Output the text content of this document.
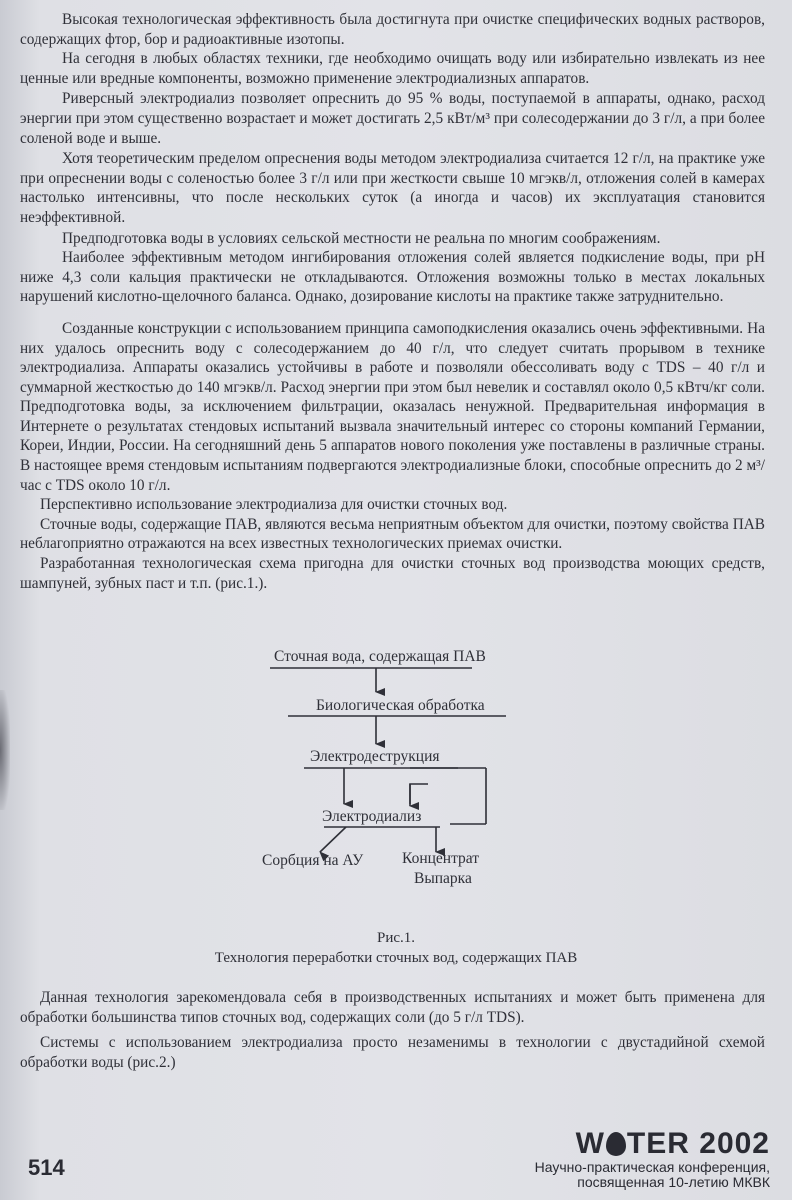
Высокая технологическая эффективность была достигнута при очистке специфических водных растворов, содержащих фтор, бор и радиоактивные изотопы.

На сегодня в любых областях техники, где необходимо очищать воду или избирательно извлекать из нее ценные или вредные компоненты, возможно применение электродиализных аппаратов.

Риверсный электродиализ позволяет опреснить до 95 % воды, поступаемой в аппараты, однако, расход энергии при этом существенно возрастает и может достигать 2,5 кВт/м³ при солесодержании до 3 г/л, а при более соленой воде и выше.

Хотя теоретическим пределом опреснения воды методом электродиализа считается 12 г/л, на практике уже при опреснении воды с соленостью более 3 г/л или при жесткости свыше 10 мгэкв/л, отложения солей в камерах настолько интенсивны, что после нескольких суток (а иногда и часов) их эксплуатация становится неэффективной.

Предподготовка воды в условиях сельской местности не реальна по многим соображениям.

Наиболее эффективным методом ингибирования отложения солей является подкисление воды, при pH ниже 4,3 соли кальция практически не откладываются. Отложения возможны только в местах локальных нарушений кислотно-щелочного баланса. Однако, дозирование кислоты на практике также затруднительно.

Созданные конструкции с использованием принципа самоподкисления оказались очень эффективными. На них удалось опреснить воду с солесодержанием до 40 г/л, что следует считать прорывом в технике электродиализа. Аппараты оказались устойчивы в работе и позволяли обессоливать воду с TDS – 40 г/л и суммарной жесткостью до 140 мгэкв/л. Расход энергии при этом был невелик и составлял около 0,5 кВтч/кг соли. Предподготовка воды, за исключением фильтрации, оказалась ненужной. Предварительная информация в Интернете о результатах стендовых испытаний вызвала значительный интерес со стороны компаний Германии, Кореи, Индии, России. На сегодняшний день 5 аппаратов нового поколения уже поставлены в различные страны. В настоящее время стендовым испытаниям подвергаются электродиализные блоки, способные опреснить до 2 м³/час с TDS около 10 г/л.

Перспективно использование электродиализа для очистки сточных вод.

Сточные воды, содержащие ПАВ, являются весьма неприятным объектом для очистки, поэтому свойства ПАВ неблагоприятно отражаются на всех известных технологических приемах очистки.

Разработанная технологическая схема пригодна для очистки сточных вод производства моющих средств, шампуней, зубных паст и т.п. (рис.1.).

Сточная вода, содержащая ПАВ
Биологическая обработка
Электродеструкция
Электродиализ
Сорбция на АУ	Концентрат
Выпарка
Рис.1.
Технология переработки сточных вод, содержащих ПАВ

Данная технология зарекомендовала себя в производственных испытаниях и может быть применена для обработки большинства типов сточных вод, содержащих соли (до 5 г/л TDS).

Системы с использованием электродиализа просто незаменимы в технологии с двустадийной схемой обработки воды (рис.2.)

514
W TER 2002
Научно-практическая конференция,
посвященная 10-летию МКВК
